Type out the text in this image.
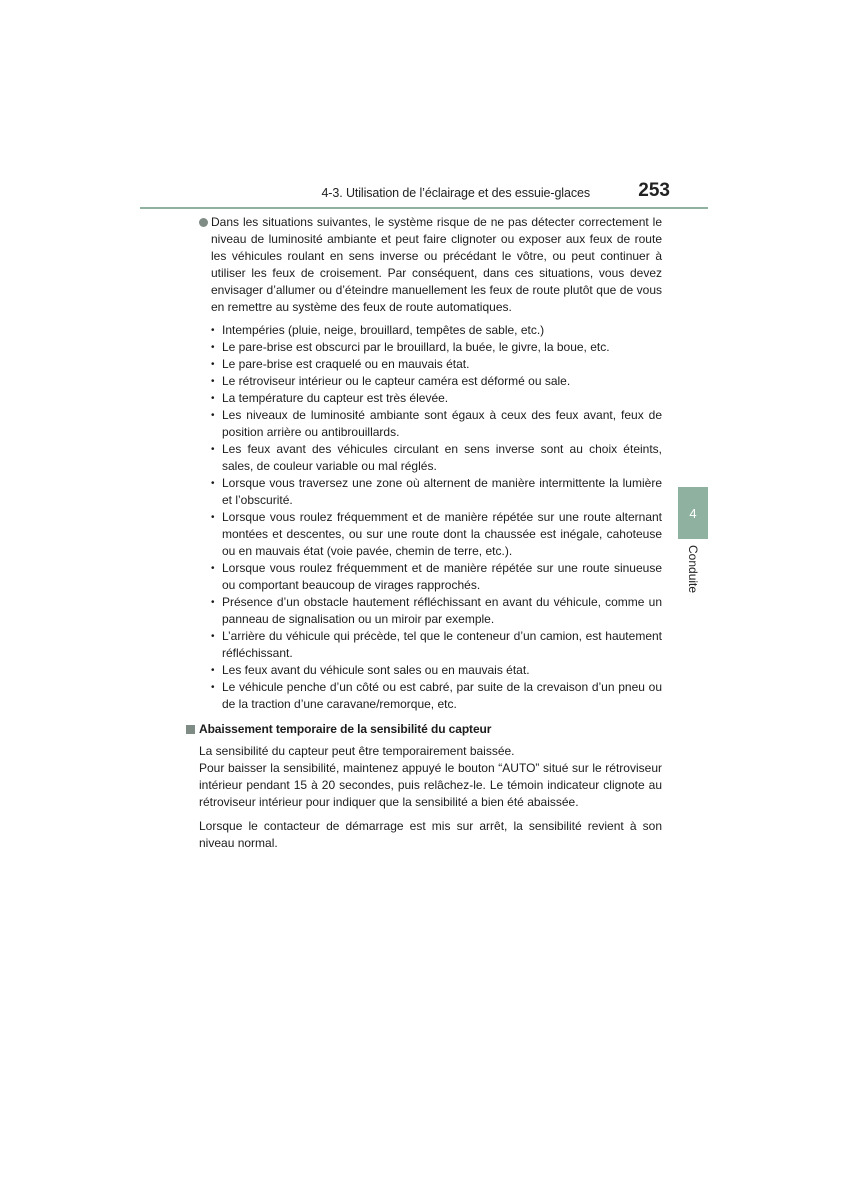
4-3. Utilisation de l’éclairage et des essuie-glaces	253

Dans les situations suivantes, le système risque de ne pas détecter correctement le niveau de luminosité ambiante et peut faire clignoter ou exposer aux feux de route les véhicules roulant en sens inverse ou précédant le vôtre, ou peut continuer à utiliser les feux de croisement. Par conséquent, dans ces situations, vous devez envisager d’allumer ou d’éteindre manuellement les feux de route plutôt que de vous en remettre au système des feux de route automatiques.

• Intempéries (pluie, neige, brouillard, tempêtes de sable, etc.)
• Le pare-brise est obscurci par le brouillard, la buée, le givre, la boue, etc.
• Le pare-brise est craquelé ou en mauvais état.
• Le rétroviseur intérieur ou le capteur caméra est déformé ou sale.
• La température du capteur est très élevée.
• Les niveaux de luminosité ambiante sont égaux à ceux des feux avant, feux de position arrière ou antibrouillards.
• Les feux avant des véhicules circulant en sens inverse sont au choix éteints, sales, de couleur variable ou mal réglés.
• Lorsque vous traversez une zone où alternent de manière intermittente la lumière et l’obscurité.
• Lorsque vous roulez fréquemment et de manière répétée sur une route alternant montées et descentes, ou sur une route dont la chaussée est inégale, cahoteuse ou en mauvais état (voie pavée, chemin de terre, etc.).
• Lorsque vous roulez fréquemment et de manière répétée sur une route sinueuse ou comportant beaucoup de virages rapprochés.
• Présence d’un obstacle hautement réfléchissant en avant du véhicule, comme un panneau de signalisation ou un miroir par exemple.
• L’arrière du véhicule qui précède, tel que le conteneur d’un camion, est hautement réfléchissant.
• Les feux avant du véhicule sont sales ou en mauvais état.
• Le véhicule penche d’un côté ou est cabré, par suite de la crevaison d’un pneu ou de la traction d’une caravane/remorque, etc.
Abaissement temporaire de la sensibilité du capteur

La sensibilité du capteur peut être temporairement baissée.
Pour baisser la sensibilité, maintenez appuyé le bouton “AUTO” situé sur le rétroviseur intérieur pendant 15 à 20 secondes, puis relâchez-le. Le témoin indicateur clignote au rétroviseur intérieur pour indiquer que la sensibilité a bien été abaissée.

Lorsque le contacteur de démarrage est mis sur arrêt, la sensibilité revient à son niveau normal.

4
Conduite
